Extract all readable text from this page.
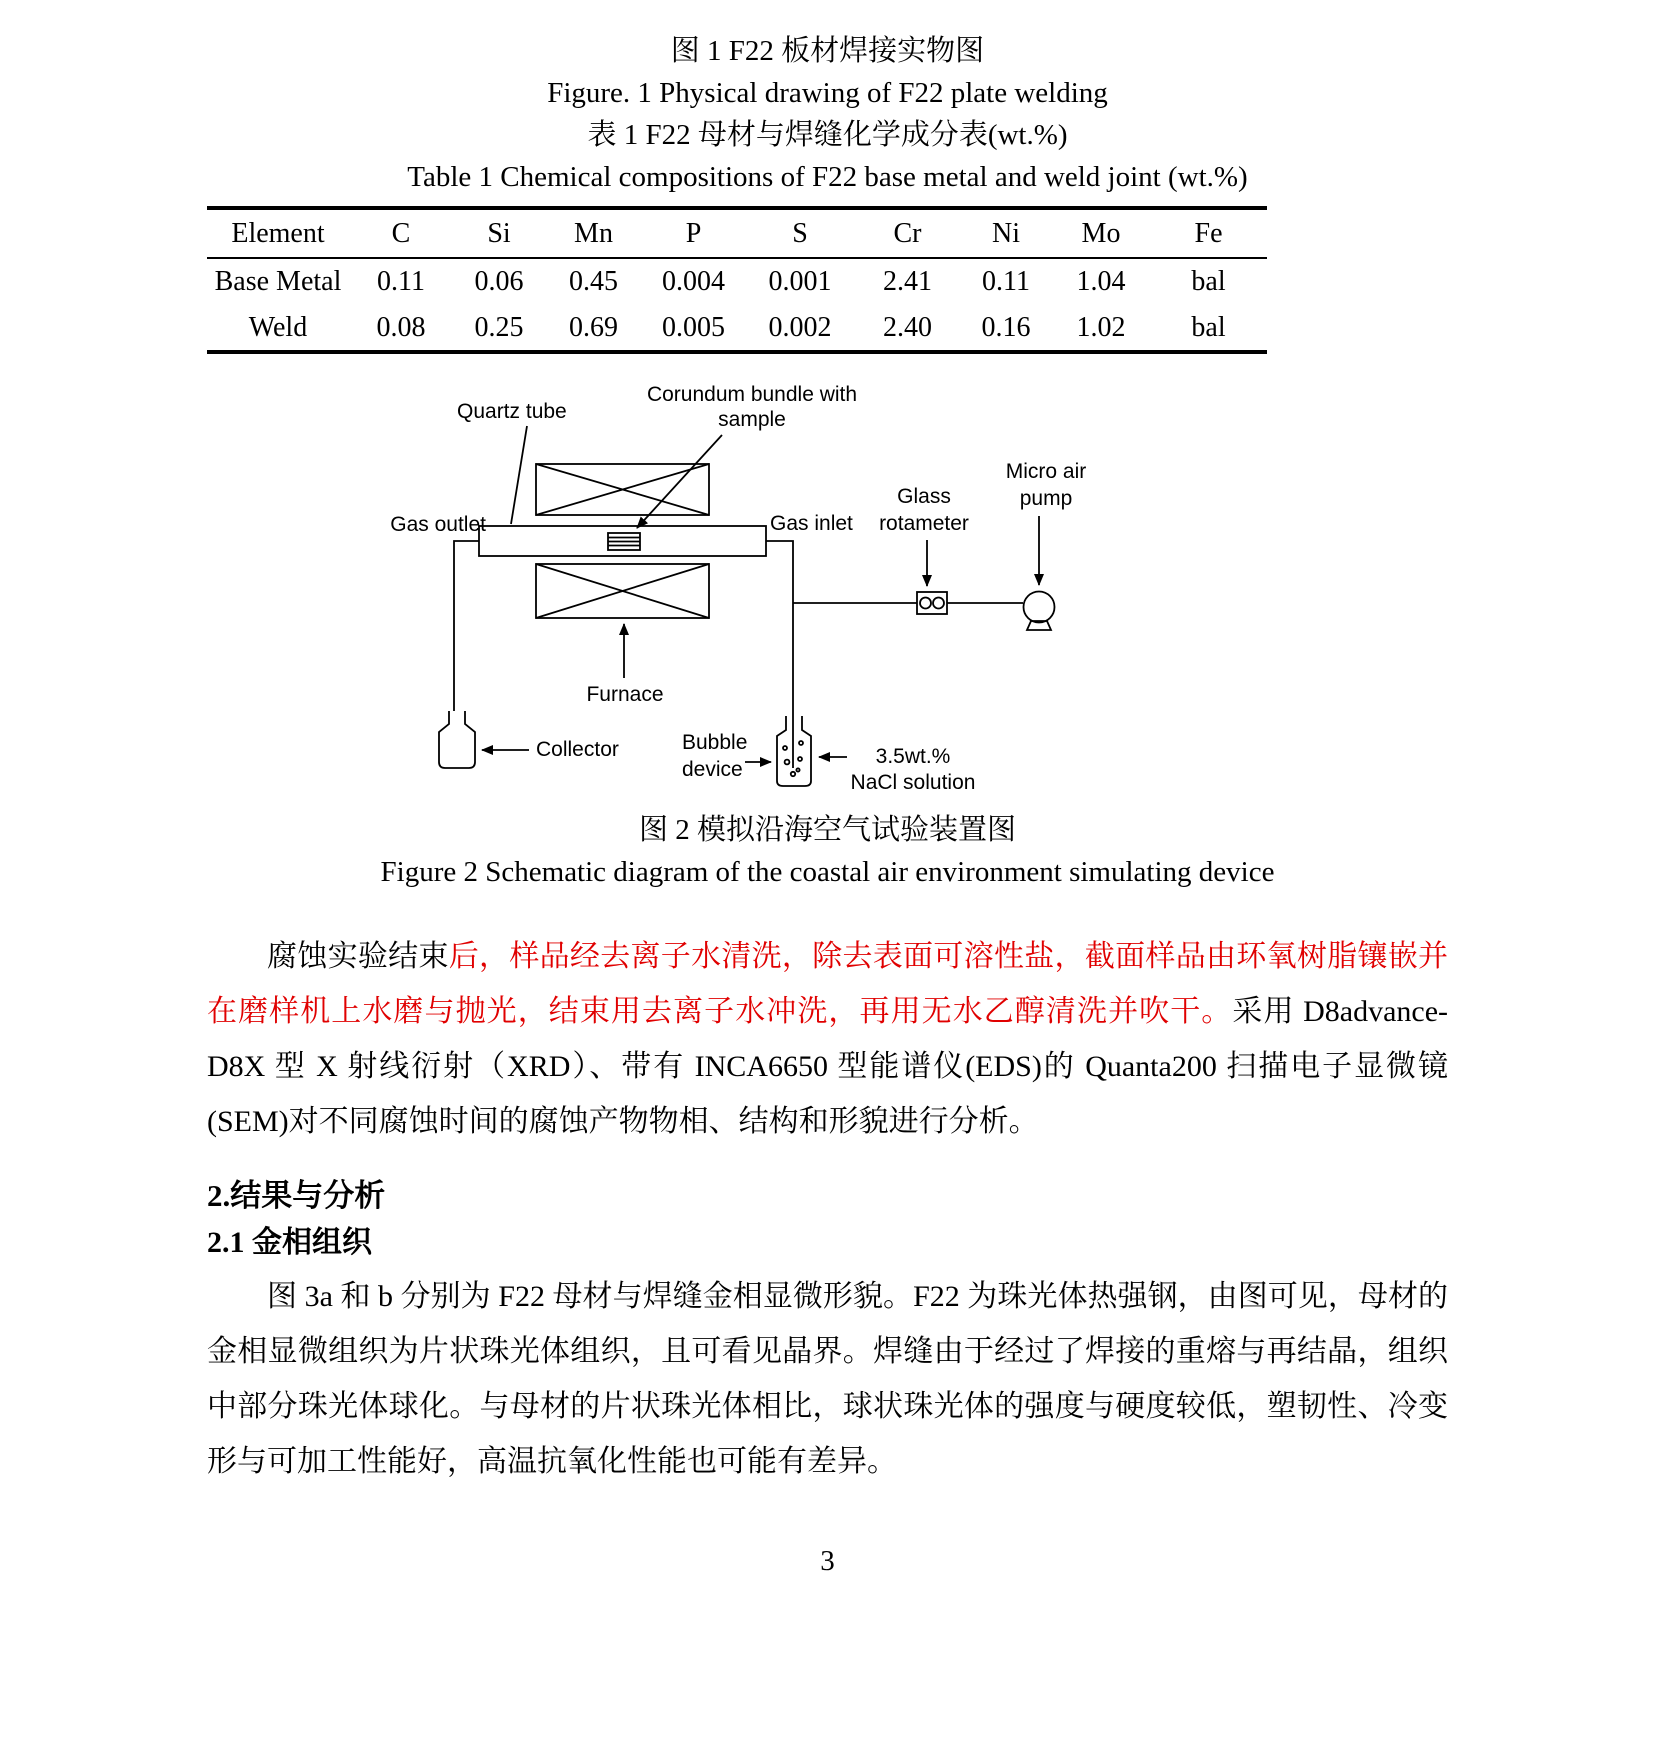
图 1 F22 板材焊接实物图
Figure. 1 Physical drawing of F22 plate welding
表 1 F22 母材与焊缝化学成分表(wt.%)
Table 1 Chemical compositions of F22 base metal and weld joint (wt.%)
Element	C	Si	Mn	P	S	Cr	Ni	Mo	Fe
Base Metal	0.11	0.06	0.45	0.004	0.001	2.41	0.11	1.04	bal
Weld	0.08	0.25	0.69	0.005	0.002	2.40	0.16	1.02	bal
Quartz tube
Corundum bundle with
sample
Gas outlet	Gas inlet
Glass
rotameter
Micro air
pump
Furnace
Collector	Bubble
device
3.5wt.%
NaCl solution
图 2 模拟沿海空气试验装置图
Figure 2 Schematic diagram of the coastal air environment simulating device

腐蚀实验结束后，样品经去离子水清洗，除去表面可溶性盐，截面样品由环氧树脂镶嵌并在磨样机上水磨与抛光，结束用去离子水冲洗，再用无水乙醇清洗并吹干。采用 D8advance-D8X 型 X 射线衍射（XRD）、带有 INCA6650 型能谱仪(EDS)的 Quanta200 扫描电子显微镜(SEM)对不同腐蚀时间的腐蚀产物物相、结构和形貌进行分析。

2.结果与分析
2.1 金相组织

图 3a 和 b 分别为 F22 母材与焊缝金相显微形貌。F22 为珠光体热强钢，由图可见，母材的金相显微组织为片状珠光体组织，且可看见晶界。焊缝由于经过了焊接的重熔与再结晶，组织中部分珠光体球化。与母材的片状珠光体相比，球状珠光体的强度与硬度较低，塑韧性、冷变形与可加工性能好，高温抗氧化性能也可能有差异。

3
